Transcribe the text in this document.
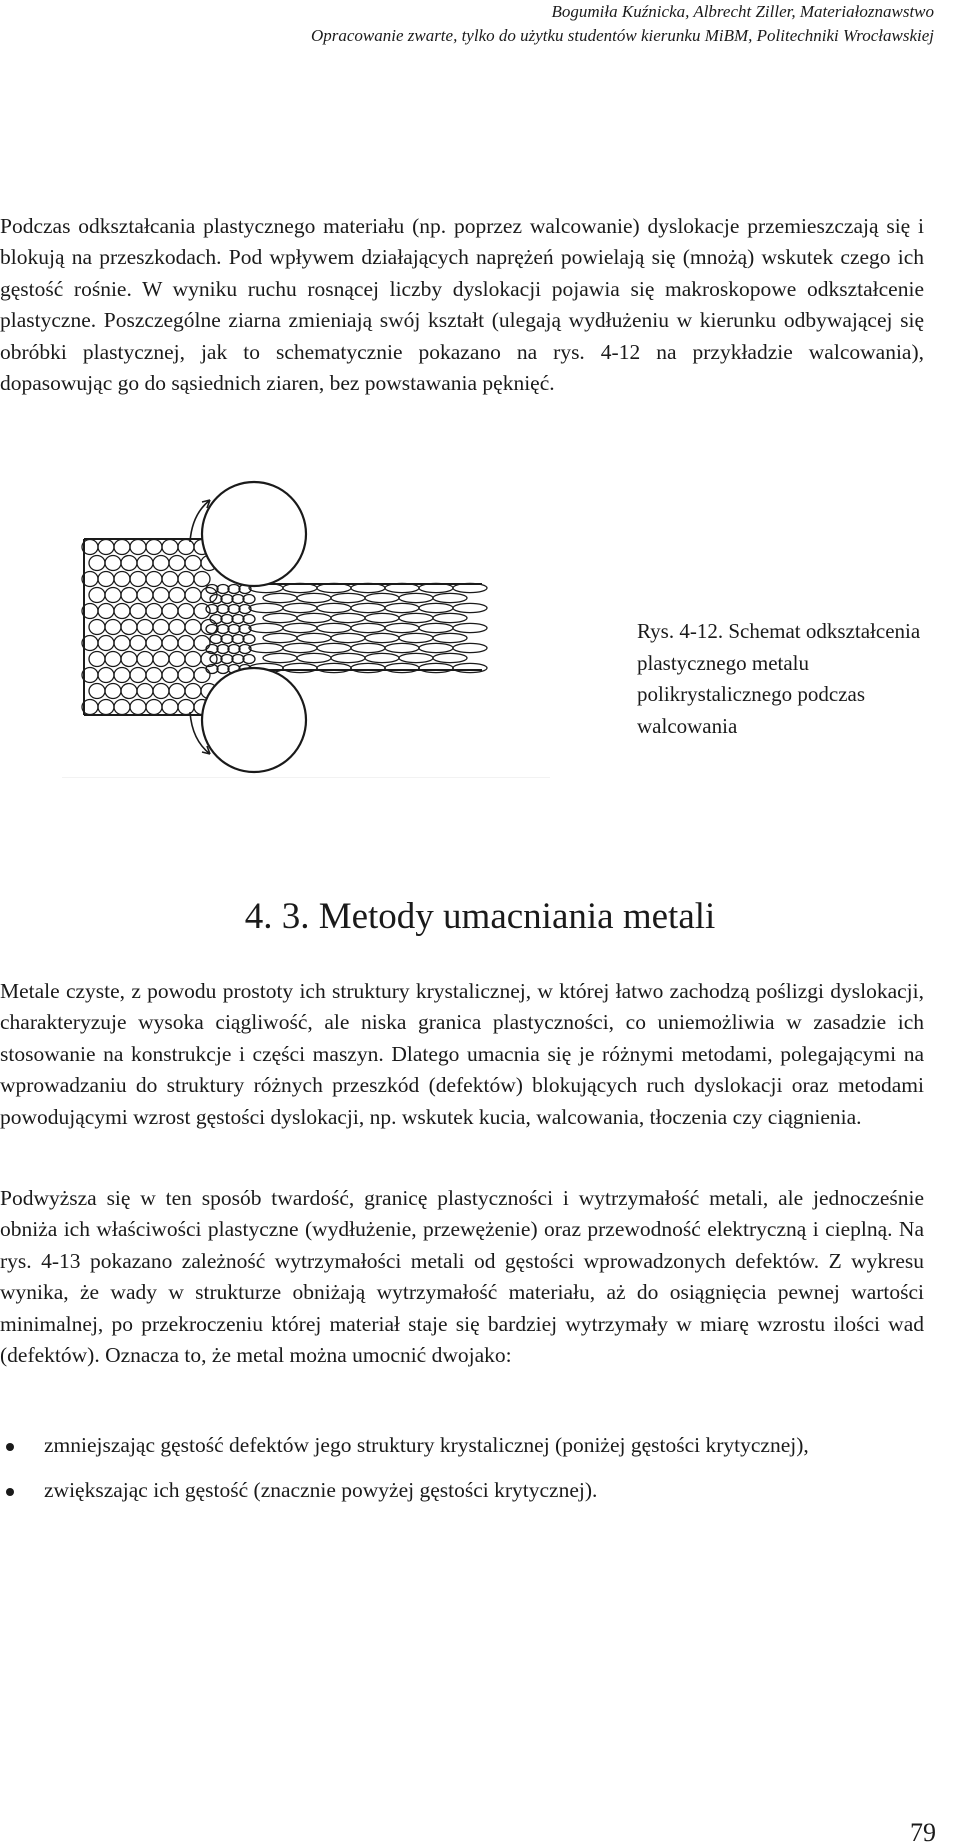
Bogumiła Kuźnicka, Albrecht Ziller, Materiałoznawstwo
Opracowanie zwarte, tylko do użytku studentów kierunku MiBM, Politechniki Wrocławskiej

Podczas odkształcania plastycznego materiału (np. poprzez walcowanie) dyslokacje przemieszczają się i blokują na przeszkodach. Pod wpływem działających naprężeń powielają się (mnożą) wskutek czego ich gęstość rośnie. W wyniku ruchu rosnącej liczby dyslokacji pojawia się makroskopowe odkształcenie plastyczne. Poszczególne ziarna zmieniają swój kształt (ulegają wydłużeniu w kierunku odbywającej się obróbki plastycznej, jak to schematycznie pokazano na rys. 4-12 na przykładzie walcowania), dopasowując go do sąsiednich ziaren, bez powstawania pęknięć.

Rys. 4-12. Schemat odkształcenia plastycznego metalu polikrystalicznego podczas walcowania

4. 3. Metody umacniania metali

Metale czyste, z powodu prostoty ich struktury krystalicznej, w której łatwo zachodzą poślizgi dyslokacji, charakteryzuje wysoka ciągliwość, ale niska granica plastyczności, co uniemożliwia w zasadzie ich stosowanie na konstrukcje i części maszyn. Dlatego umacnia się je różnymi metodami, polegającymi na wprowadzaniu do struktury różnych przeszkód (defektów) blokujących ruch dyslokacji oraz metodami powodującymi wzrost gęstości dyslokacji, np. wskutek kucia, walcowania, tłoczenia czy ciągnienia.

Podwyższa się w ten sposób twardość, granicę plastyczności i wytrzymałość metali, ale jednocześnie obniża ich właściwości plastyczne (wydłużenie, przewężenie) oraz przewodność elektryczną i cieplną. Na rys. 4-13 pokazano zależność wytrzymałości metali od gęstości wprowadzonych defektów. Z wykresu wynika, że wady w strukturze obniżają wytrzymałość materiału, aż do osiągnięcia pewnej wartości minimalnej, po przekroczeniu której materiał staje się bardziej wytrzymały w miarę wzrostu ilości wad (defektów). Oznacza to, że metal można umocnić dwojako:

zmniejszając gęstość defektów jego struktury krystalicznej (poniżej gęstości krytycznej),
zwiększając ich gęstość (znacznie powyżej gęstości krytycznej).
79
